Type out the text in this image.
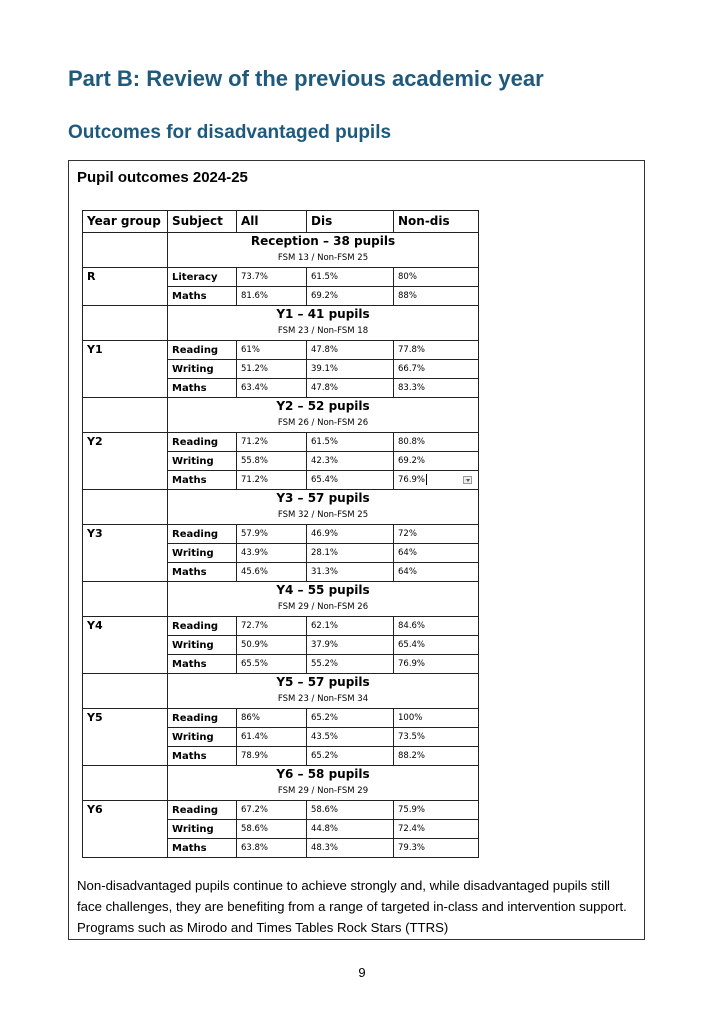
Part B: Review of the previous academic year
Outcomes for disadvantaged pupils
Pupil outcomes 2024-25
Year group	Subject	All	Dis	Non-dis

	Reception – 38 pupils
FSM 13 / Non-FSM 25			

R	Literacy	73.7%	61.5%	80%
	Maths	81.6%	69.2%	88%

	Y1 – 41 pupils
FSM 23 / Non-FSM 18			

Y1	Reading	61%	47.8%	77.8%
	Writing	51.2%	39.1%	66.7%
	Maths	63.4%	47.8%	83.3%

	Y2 – 52 pupils
FSM 26 / Non-FSM 26			

Y2	Reading	71.2%	61.5%	80.8%
	Writing	55.8%	42.3%	69.2%
	Maths	71.2%	65.4%	76.9%

	Y3 – 57 pupils
FSM 32 / Non-FSM 25			

Y3	Reading	57.9%	46.9%	72%
	Writing	43.9%	28.1%	64%
	Maths	45.6%	31.3%	64%

	Y4 – 55 pupils
FSM 29 / Non-FSM 26			

Y4	Reading	72.7%	62.1%	84.6%
	Writing	50.9%	37.9%	65.4%
	Maths	65.5%	55.2%	76.9%

	Y5 – 57 pupils
FSM 23 / Non-FSM 34			

Y5	Reading	86%	65.2%	100%
	Writing	61.4%	43.5%	73.5%
	Maths	78.9%	65.2%	88.2%

	Y6 – 58 pupils
FSM 29 / Non-FSM 29			

Y6	Reading	67.2%	58.6%	75.9%
	Writing	58.6%	44.8%	72.4%
	Maths	63.8%	48.3%	79.3%
Non-disadvantaged pupils continue to achieve strongly and, while disadvantaged pupils still face challenges, they are benefiting from a range of targeted in-class and intervention support. Programs such as Mirodo and Times Tables Rock Stars (TTRS)
9
